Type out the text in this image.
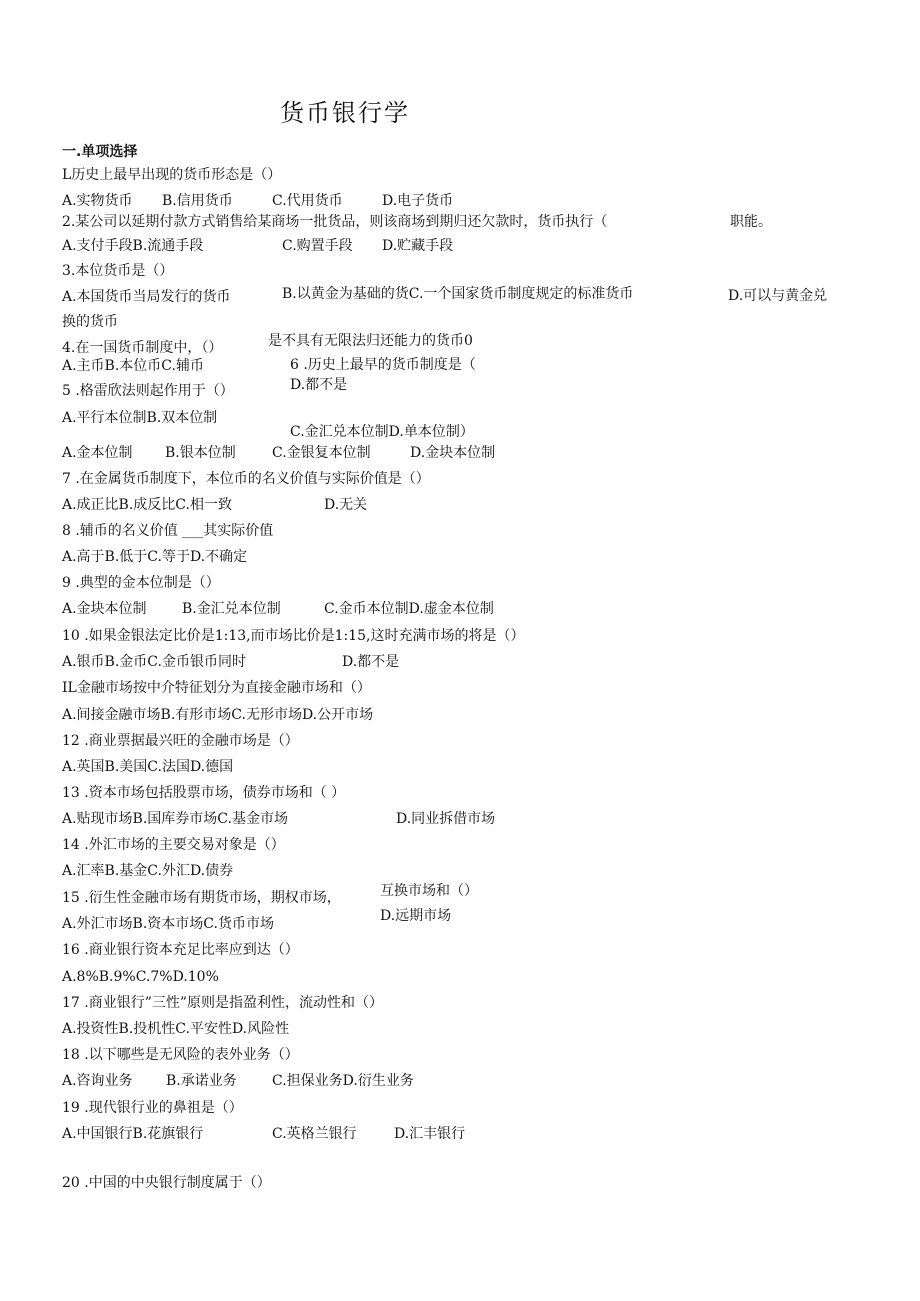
货币银行学
一.单项选择
L历史上最早出现的货币形态是（）
A.实物货币 B.信用货币	C.代用货币	D.电子货币
2.某公司以延期付款方式销售给某商场一批货品，则该商场到期归还欠款时，货币执行（	职能。
A.支付手段B.流通手段	C.购置手段 D.贮藏手段
3.本位货币是（）
A.本国货币当局发行的货币	B.以黄金为基础的货C.一个国家货币制度规定的标准货币	D.可以与黄金兑
换的货币
是不具有无限法归还能力的货币0
4.在一国货币制度中，（）
A.主币B.本位币C.辅币	6 .历史上最早的货币制度是（
D.都不是
5 .格雷欣法则起作用于（）
A.平行本位制B.双本位制
C.金汇兑本位制D.单本位制）
A.金本位制 B.银本位制	C.金银复本位制	D.金块本位制
7 .在金属货币制度下，本位币的名义价值与实际价值是（）
A.成正比B.成反比C.相一致	D.无关
8 .辅币的名义价值 ___其实际价值
A.高于B.低于C.等于D.不确定
9 .典型的金本位制是（）
A.金块本位制	B.金汇兑本位制	C.金币本位制D.虚金本位制
10 .如果金银法定比价是1:13,而市场比价是1:15,这时充满市场的将是（）
A.银币B.金币C.金币银币同时	D.都不是
IL金融市场按中介特征划分为直接金融市场和（）
A.间接金融市场B.有形市场C.无形市场D.公开市场
12 .商业票据最兴旺的金融市场是（）
A.英国B.美国C.法国D.德国
13 .资本市场包括股票市场，债券市场和（ ）
A.贴现市场B.国库券市场C.基金市场	D.同业拆借市场
14 .外汇市场的主要交易对象是（）
A.汇率B.基金C.外汇D.债券
15 .衍生性金融市场有期货市场，期权市场，	互换市场和（）
A.外汇市场B.资本市场C.货币市场	D.远期市场
16 .商业银行资本充足比率应到达（）
A.8%B.9%C.7%D.10%
17 .商业银行”三性”原则是指盈利性，流动性和（）
A.投资性B.投机性C.平安性D.风险性
18 .以下哪些是无风险的表外业务（）
A.咨询业务 B.承诺业务	C.担保业务D.衍生业务
19 .现代银行业的鼻祖是（）
A.中国银行B.花旗银行	C.英格兰银行	D.汇丰银行
20 .中国的中央银行制度属于（）
